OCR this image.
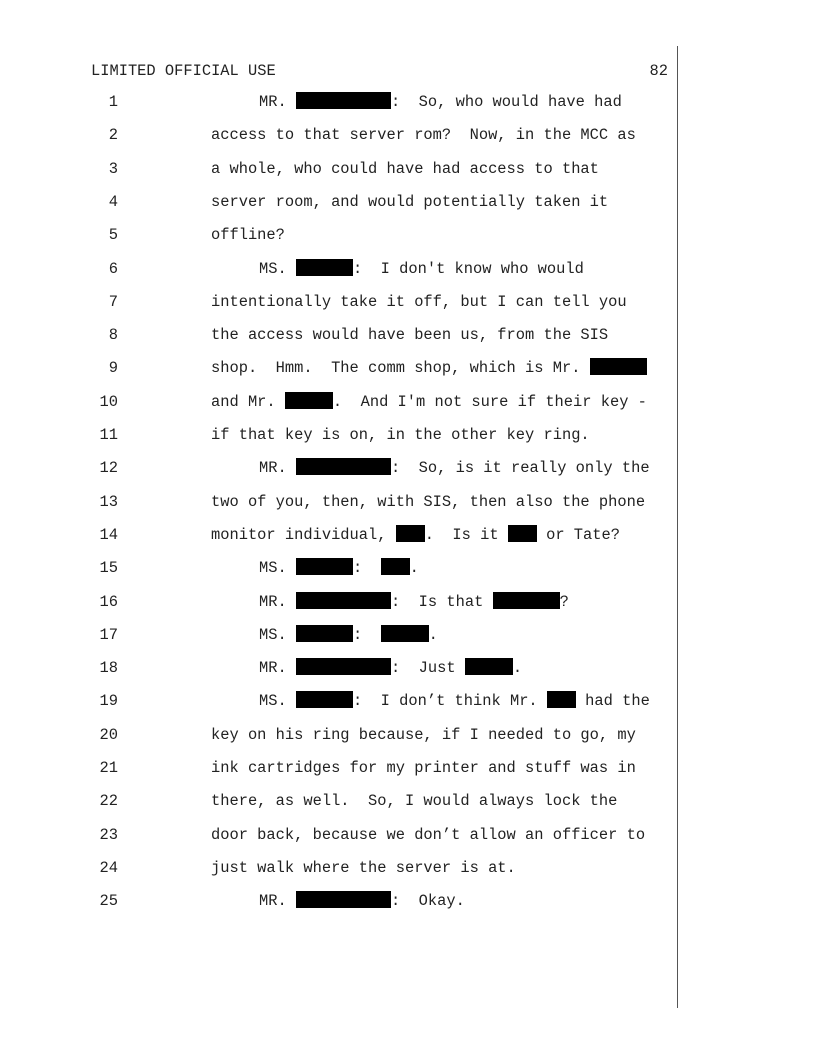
LIMITED OFFICIAL USE	82
1	MR.	:  So, who would have had
2	access to that server rom?  Now, in the MCC as
3	a whole, who could have had access to that
4	server room, and would potentially taken it
5	offline?
6	MS.	:  I don't know who would
7	intentionally take it off, but I can tell you
8	the access would have been us, from the SIS
9	shop.  Hmm.  The comm shop, which is Mr.
10	and Mr.	.  And I'm not sure if their key -
11	if that key is on, in the other key ring.
12	MR.	:  So, is it really only the
13	two of you, then, with SIS, then also the phone
14	monitor individual, .  Is it  or Tate?
15	MS.	:  .
16	MR.	:  Is that	?
17	MS.	:	.
18	MR.	:  Just	.
19	MS.	:  I don’t think Mr.  had the
20	key on his ring because, if I needed to go, my
21	ink cartridges for my printer and stuff was in
22	there, as well.  So, I would always lock the
23	door back, because we don’t allow an officer to
24	just walk where the server is at.
25	MR.	:  Okay.
